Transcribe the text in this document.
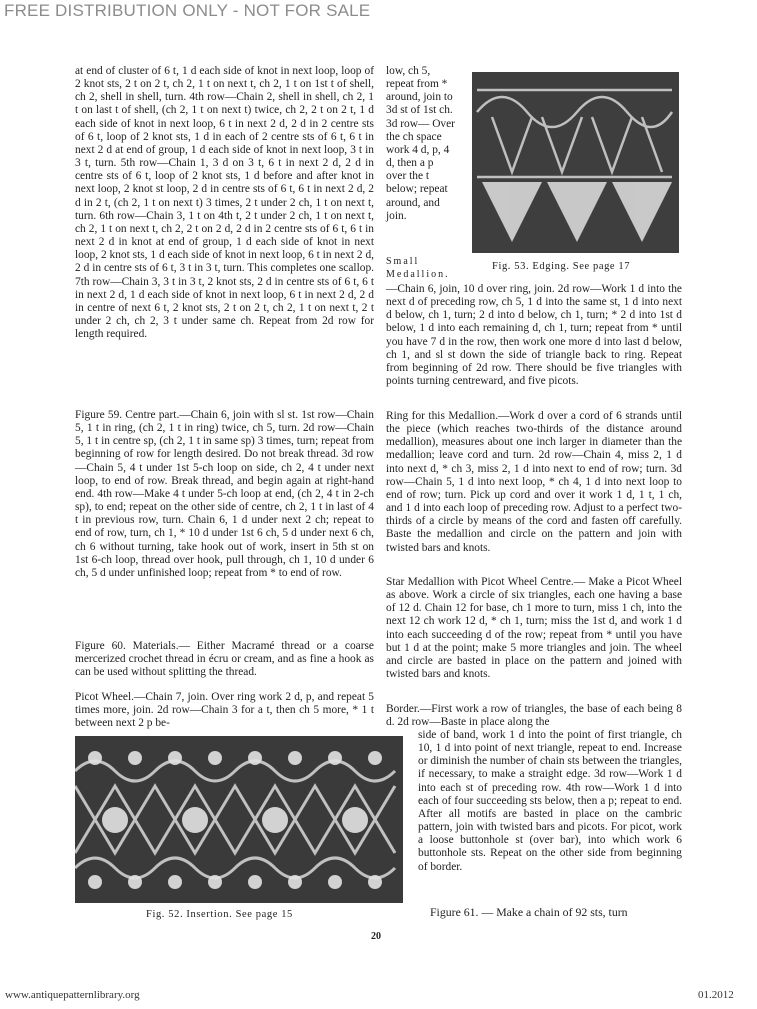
FREE DISTRIBUTION ONLY - NOT FOR SALE

at end of cluster of 6 t, 1 d each side of knot in next loop, loop of 2 knot sts, 2 t on 2 t, ch 2, 1 t on next t, ch 2, 1 t on 1st t of shell, ch 2, shell in shell, turn. 4th row—Chain 2, shell in shell, ch 2, 1 t on last t of shell, (ch 2, 1 t on next t) twice, ch 2, 2 t on 2 t, 1 d each side of knot in next loop, 6 t in next 2 d, 2 d in 2 centre sts of 6 t, loop of 2 knot sts, 1 d in each of 2 centre sts of 6 t, 6 t in next 2 d at end of group, 1 d each side of knot in next loop, 3 t in 3 t, turn. 5th row—Chain 1, 3 d on 3 t, 6 t in next 2 d, 2 d in centre sts of 6 t, loop of 2 knot sts, 1 d before and after knot in next loop, 2 knot st loop, 2 d in centre sts of 6 t, 6 t in next 2 d, 2 d in 2 t, (ch 2, 1 t on next t) 3 times, 2 t under 2 ch, 1 t on next t, turn. 6th row—Chain 3, 1 t on 4th t, 2 t under 2 ch, 1 t on next t, ch 2, 1 t on next t, ch 2, 2 t on 2 d, 2 d in 2 centre sts of 6 t, 6 t in next 2 d in knot at end of group, 1 d each side of knot in next loop, 2 knot sts, 1 d each side of knot in next loop, 6 t in next 2 d, 2 d in centre sts of 6 t, 3 t in 3 t, turn. This completes one scallop. 7th row—Chain 3, 3 t in 3 t, 2 knot sts, 2 d in centre sts of 6 t, 6 t in next 2 d, 1 d each side of knot in next loop, 6 t in next 2 d, 2 d in centre of next 6 t, 2 knot sts, 2 t on 2 t, ch 2, 1 t on next t, 2 t under 2 ch, ch 2, 3 t under same ch. Repeat from 2d row for length required.

Figure 59. Centre part.—Chain 6, join with sl st. 1st row—Chain 5, 1 t in ring, (ch 2, 1 t in ring) twice, ch 5, turn. 2d row—Chain 5, 1 t in centre sp, (ch 2, 1 t in same sp) 3 times, turn; repeat from beginning of row for length desired. Do not break thread. 3d row—Chain 5, 4 t under 1st 5-ch loop on side, ch 2, 4 t under next loop, to end of row. Break thread, and begin again at right-hand end. 4th row—Make 4 t under 5-ch loop at end, (ch 2, 4 t in 2-ch sp), to end; repeat on the other side of centre, ch 2, 1 t in last of 4 t in previous row, turn. Chain 6, 1 d under next 2 ch; repeat to end of row, turn, ch 1, * 10 d under 1st 6 ch, 5 d under next 6 ch, ch 6 without turning, take hook out of work, insert in 5th st on 1st 6-ch loop, thread over hook, pull through, ch 1, 10 d under 6 ch, 5 d under unfinished loop; repeat from * to end of row.

Figure 60. Materials.— Either Macramé thread or a coarse mercerized crochet thread in écru or cream, and as fine a hook as can be used without splitting the thread.

Picot Wheel.—Chain 7, join. Over ring work 2 d, p, and repeat 5 times more, join. 2d row—Chain 3 for a t, then ch 5 more, * 1 t between next 2 p be-

Fig. 52. Insertion. See page 15

low, ch 5, repeat from * around, join to 3d st of 1st ch. 3d row— Over the ch space work 4 d, p, 4 d, then a p over the t below; repeat around, and join.

Fig. 53. Edging. See page 17
Small Medallion.

—Chain 6, join, 10 d over ring, join. 2d row—Work 1 d into the next d of preceding row, ch 5, 1 d into the same st, 1 d into next d below, ch 1, turn; 2 d into d below, ch 1, turn; * 2 d into 1st d below, 1 d into each remaining d, ch 1, turn; repeat from * until you have 7 d in the row, then work one more d into last d below, ch 1, and sl st down the side of triangle back to ring. Repeat from beginning of 2d row. There should be five triangles with points turning centreward, and five picots.

Ring for this Medallion.—Work d over a cord of 6 strands until the piece (which reaches two-thirds of the distance around medallion), measures about one inch larger in diameter than the medallion; leave cord and turn. 2d row—Chain 4, miss 2, 1 d into next d, * ch 3, miss 2, 1 d into next to end of row; turn. 3d row—Chain 5, 1 d into next loop, * ch 4, 1 d into next loop to end of row; turn. Pick up cord and over it work 1 d, 1 t, 1 ch, and 1 d into each loop of preceding row. Adjust to a perfect two-thirds of a circle by means of the cord and fasten off carefully. Baste the medallion and circle on the pattern and join with twisted bars and knots.

Star Medallion with Picot Wheel Centre.— Make a Picot Wheel as above. Work a circle of six triangles, each one having a base of 12 d. Chain 12 for base, ch 1 more to turn, miss 1 ch, into the next 12 ch work 12 d, * ch 1, turn; miss the 1st d, and work 1 d into each succeeding d of the row; repeat from * until you have but 1 d at the point; make 5 more triangles and join. The wheel and circle are basted in place on the pattern and joined with twisted bars and knots.

Border.—First work a row of triangles, the base of each being 8 d. 2d row—Baste in place along the

side of band, work 1 d into the point of first triangle, ch 10, 1 d into point of next triangle, repeat to end. Increase or diminish the number of chain sts between the triangles, if necessary, to make a straight edge. 3d row—Work 1 d into each st of preceding row. 4th row—Work 1 d into each of four succeeding sts below, then a p; repeat to end. After all motifs are basted in place on the cambric pattern, join with twisted bars and picots. For picot, work a loose buttonhole st (over bar), into which work 6 buttonhole sts. Repeat on the other side from beginning of border.

Figure 61. — Make a chain of 92 sts, turn

20
www.antiquepatternlibrary.org	01.2012
